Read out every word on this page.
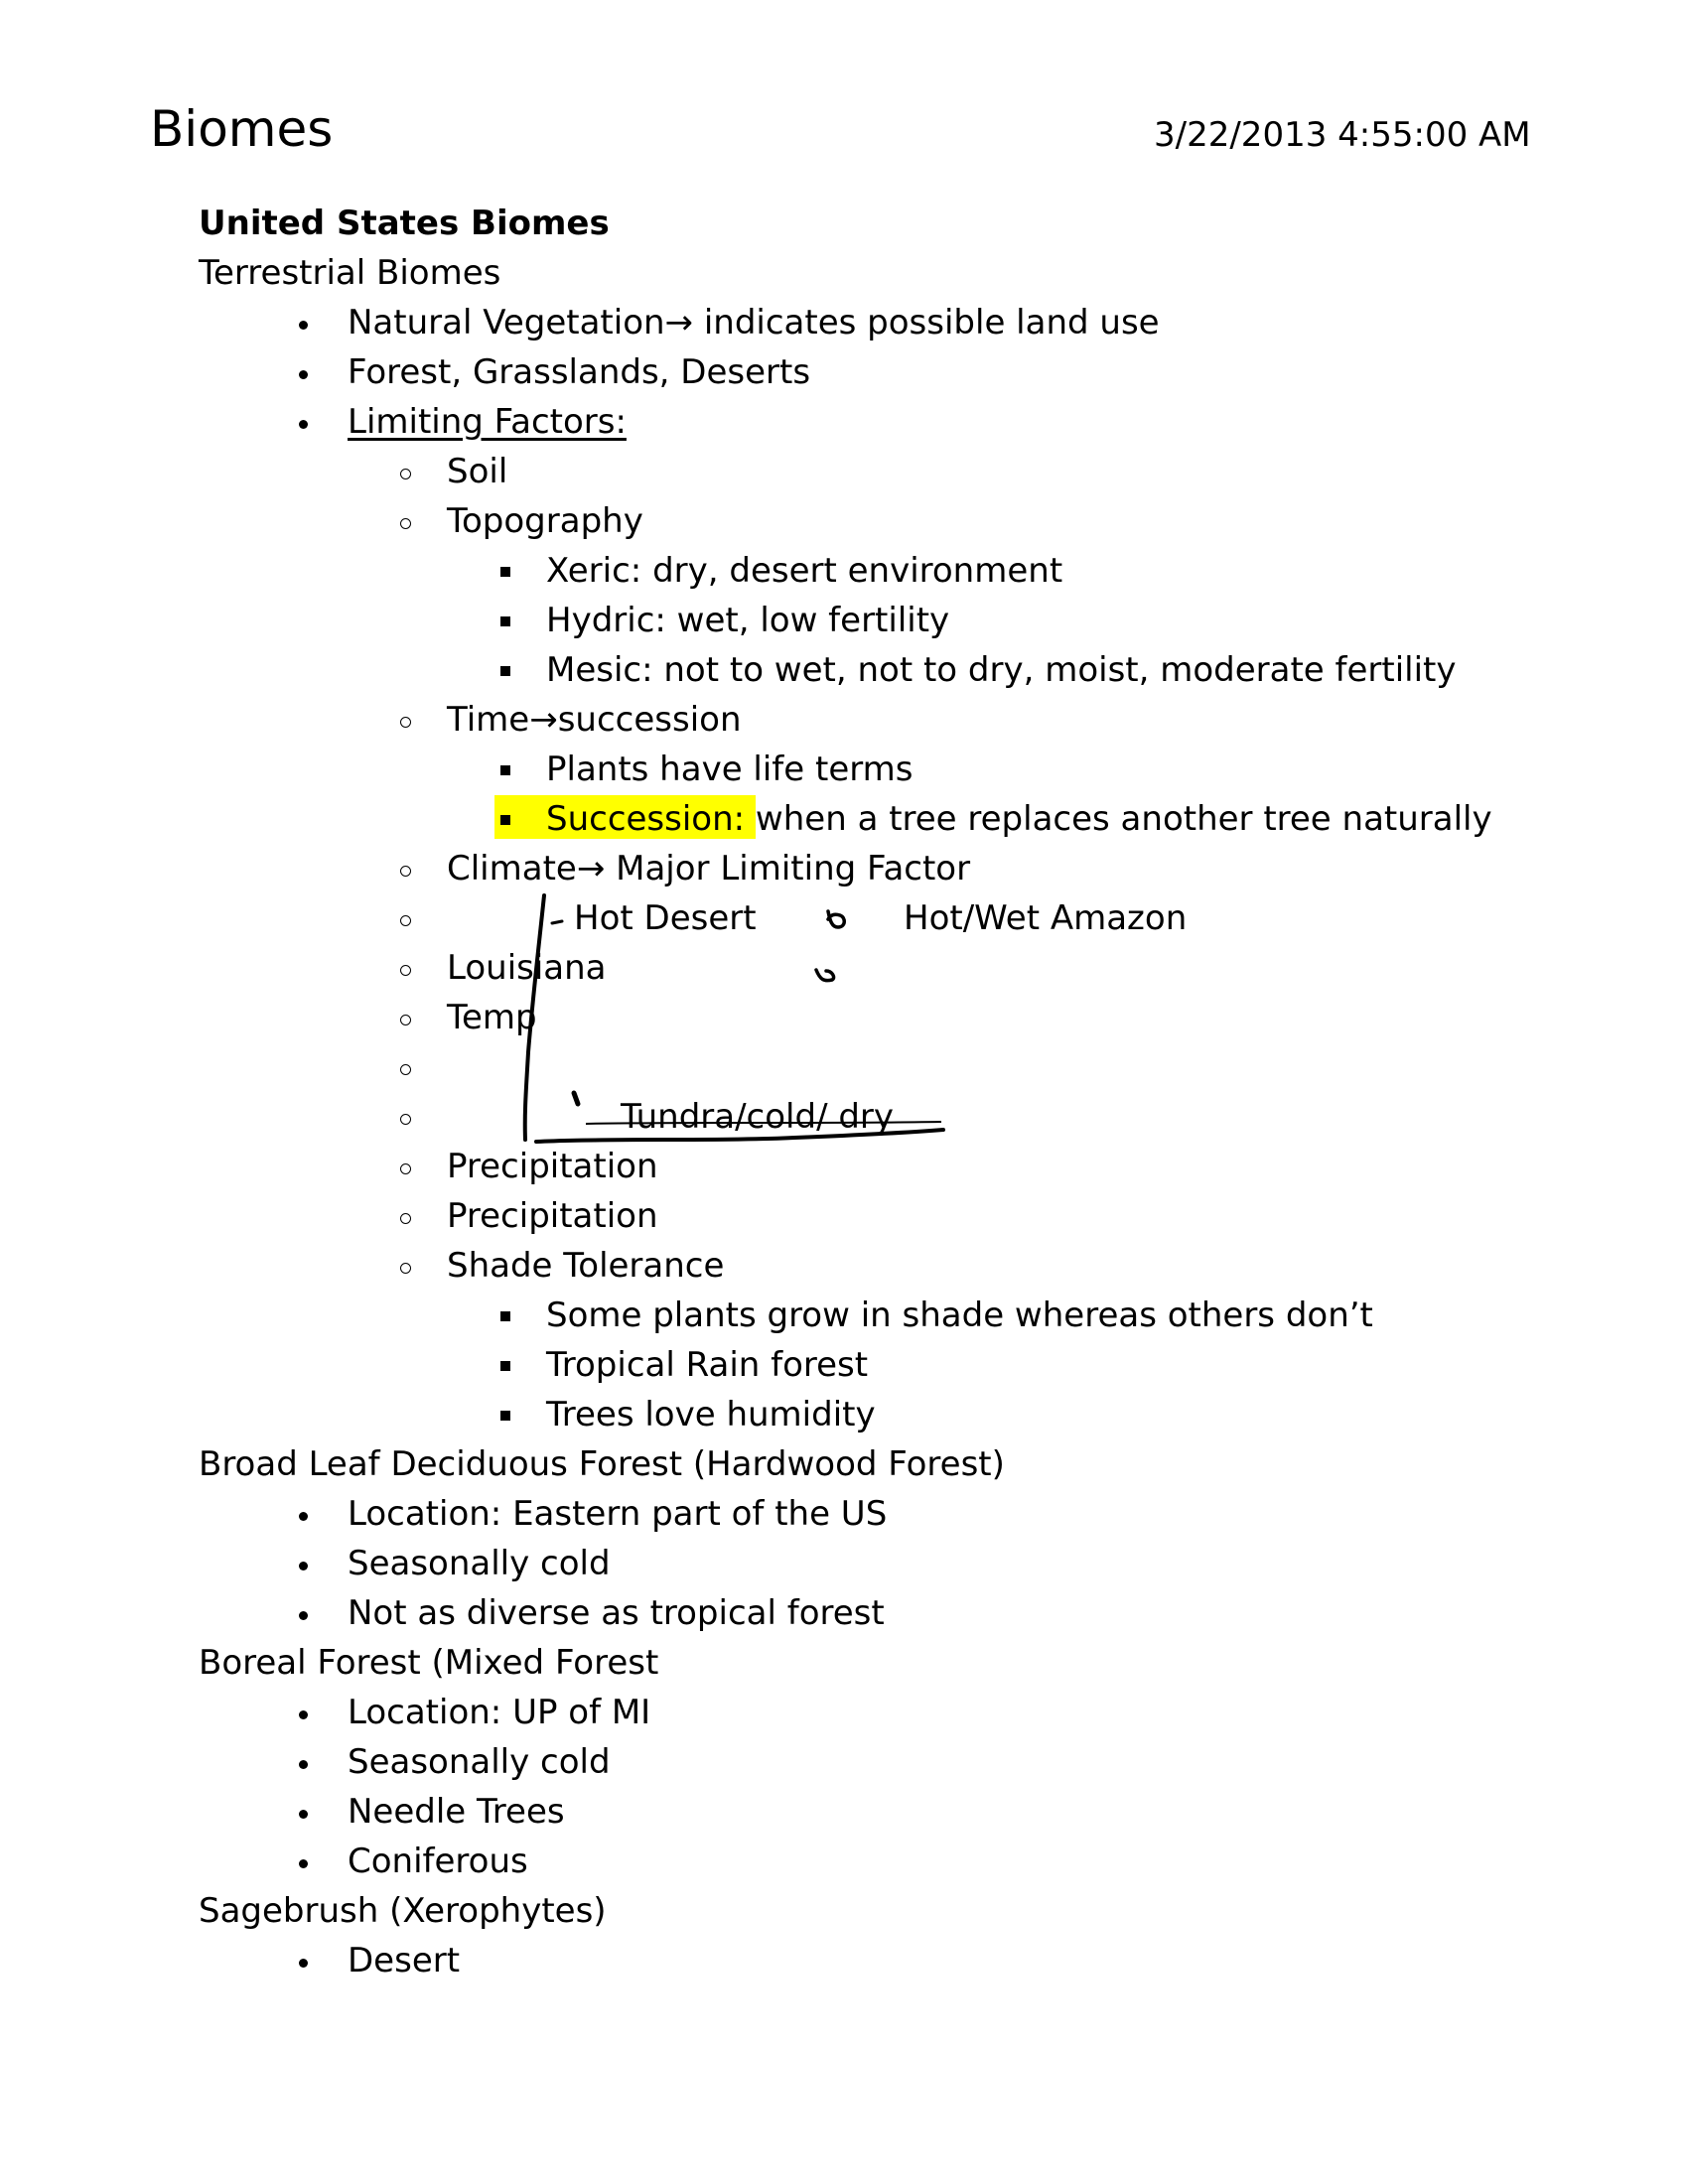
Biomes	3/22/2013 4:55:00 AM
United States Biomes
Terrestrial Biomes
Natural Vegetation→ indicates possible land use
Forest, Grasslands, Deserts
Limiting Factors:
Soil
Topography
Xeric: dry, desert environment
Hydric: wet, low fertility
Mesic: not to wet, not to dry, moist, moderate fertility
Time→succession
Plants have life terms
Succession: when a tree replaces another tree naturally
Climate→ Major Limiting Factor
Hot Desert	Hot/Wet Amazon
Louisiana
Temp
Tundra/cold/ dry
Precipitation
Precipitation
Shade Tolerance
Some plants grow in shade whereas others don’t
Tropical Rain forest
Trees love humidity
Broad Leaf Deciduous Forest (Hardwood Forest)
Location: Eastern part of the US
Seasonally cold
Not as diverse as tropical forest
Boreal Forest (Mixed Forest
Location: UP of MI
Seasonally cold
Needle Trees
Coniferous
Sagebrush (Xerophytes)
Desert
